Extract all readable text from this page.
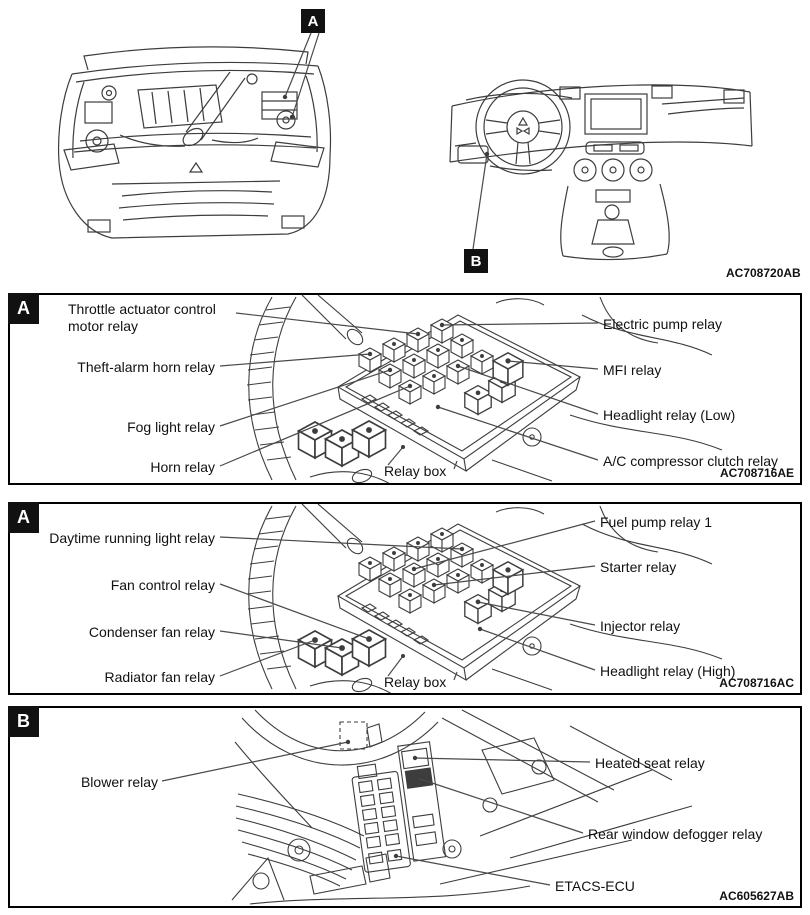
A
B
AC708720AB
A	Throttle actuator control motor relay
Theft-alarm horn relay
Fog light relay
Horn relay
Electric pump relay
MFI relay
Headlight relay (Low)
A/C compressor clutch relay
Relay box	AC708716AE
A
Daytime running light relay
Fan control relay
Condenser fan relay
Radiator fan relay
Fuel pump relay 1
Starter relay
Injector relay
Headlight relay (High)
Relay box	AC708716AC
B
Blower relay
Heated seat relay
Rear window defogger relay
ETACS-ECU
AC605627AB
